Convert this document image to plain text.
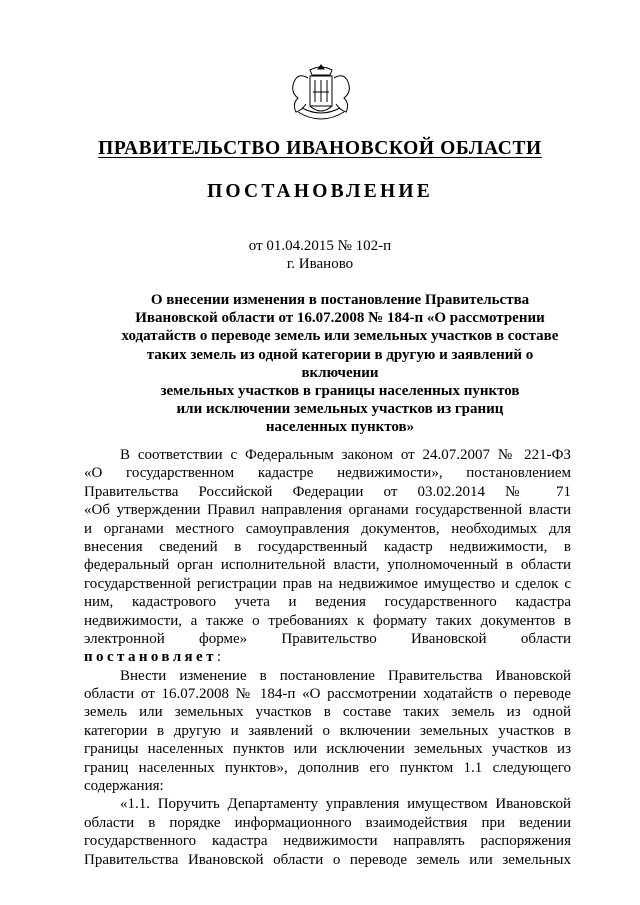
ПРАВИТЕЛЬСТВО ИВАНОВСКОЙ ОБЛАСТИ
ПОСТАНОВЛЕНИЕ
от 01.04.2015 № 102-п
г. Иваново
О внесении изменения в постановление Правительства
Ивановской области от 16.07.2008 № 184-п «О рассмотрении
ходатайств о переводе земель или земельных участков в составе
таких земель из одной категории в другую и заявлений о включении
земельных участков в границы населенных пунктов
или исключении земельных участков из границ
населенных пунктов»
В соответствии с Федеральным законом от 24.07.2007 № 221-ФЗ
«О государственном кадастре недвижимости», постановлением
Правительства Российской Федерации от 03.02.2014 № 71
«Об утверждении Правил направления органами государственной власти
и органами местного самоуправления документов, необходимых для
внесения сведений в государственный кадастр недвижимости, в
федеральный орган исполнительной власти, уполномоченный в области
государственной регистрации прав на недвижимое имущество и сделок с
ним, кадастрового учета и ведения государственного кадастра
недвижимости, а также о требованиях к формату таких документов в
электронной форме» Правительство Ивановской области
постановляет:
Внести изменение в постановление Правительства Ивановской
области от 16.07.2008 № 184-п «О рассмотрении ходатайств о переводе
земель или земельных участков в составе таких земель из одной
категории в другую и заявлений о включении земельных участков в
границы населенных пунктов или исключении земельных участков из
границ населенных пунктов», дополнив его пунктом 1.1 следующего
содержания:
«1.1. Поручить Департаменту управления имуществом Ивановской
области в порядке информационного взаимодействия при ведении
государственного кадастра недвижимости направлять распоряжения
Правительства Ивановской области о переводе земель или земельных
